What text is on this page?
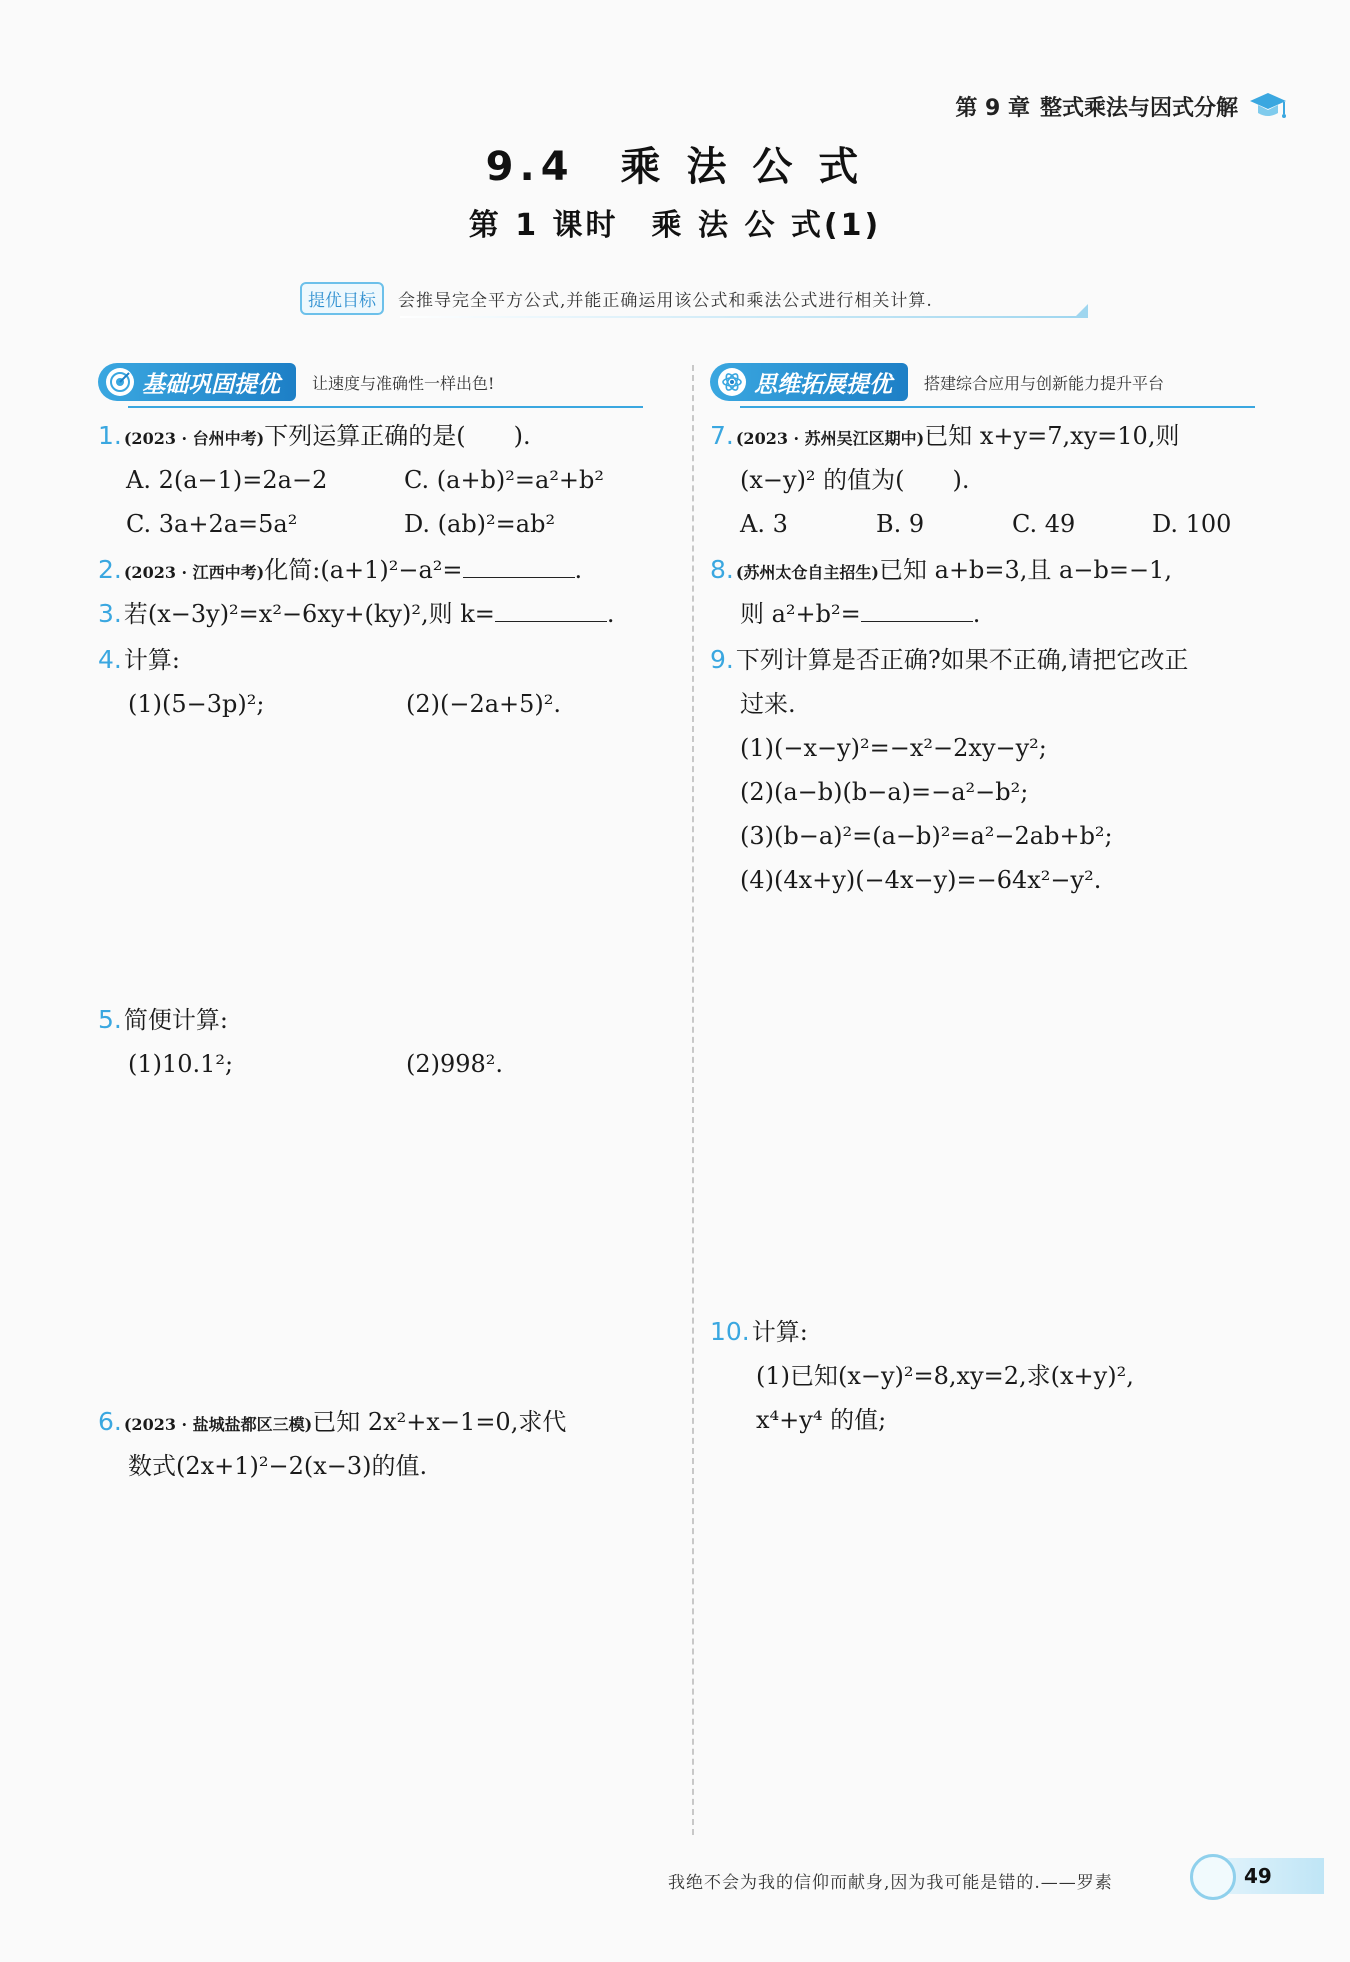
第 9 章 整式乘法与因式分解
9.4　乘 法 公 式
第 1 课时　乘 法 公 式(1)
提优目标	会推导完全平方公式,并能正确运用该公式和乘法公式进行相关计算.
基础巩固提优 让速度与准确性一样出色!	思维拓展提优 搭建综合应用与创新能力提升平台
1. (2023 · 台州中考)下列运算正确的是(　　).
A. 2(a−1)=2a−2	C. (a+b)²=a²+b²
C. 3a+2a=5a²	D. (ab)²=ab²
2. (2023 · 江西中考)化简:(a+1)²−a²=	.
3.若(x−3y)²=x²−6xy+(ky)²,则 k=	.
4.计算:
(1)(5−3p)²;	(2)(−2a+5)².
5.简便计算:
(1)10.1²;	(2)998².
6. (2023 · 盐城盐都区三模)已知 2x²+x−1=0,求代
数式(2x+1)²−2(x−3)的值.
7. (2023 · 苏州吴江区期中)已知 x+y=7,xy=10,则
(x−y)² 的值为(　　).
A. 3	B. 9	C. 49	D. 100
8. (苏州太仓自主招生)已知 a+b=3,且 a−b=−1,
则 a²+b²=	.
9.下列计算是否正确?如果不正确,请把它改正
过来.
(1)(−x−y)²=−x²−2xy−y²;
(2)(a−b)(b−a)=−a²−b²;
(3)(b−a)²=(a−b)²=a²−2ab+b²;
(4)(4x+y)(−4x−y)=−64x²−y².
10.计算:
(1)已知(x−y)²=8,xy=2,求(x+y)²,
x⁴+y⁴ 的值;
我绝不会为我的信仰而献身,因为我可能是错的.——罗素	49
